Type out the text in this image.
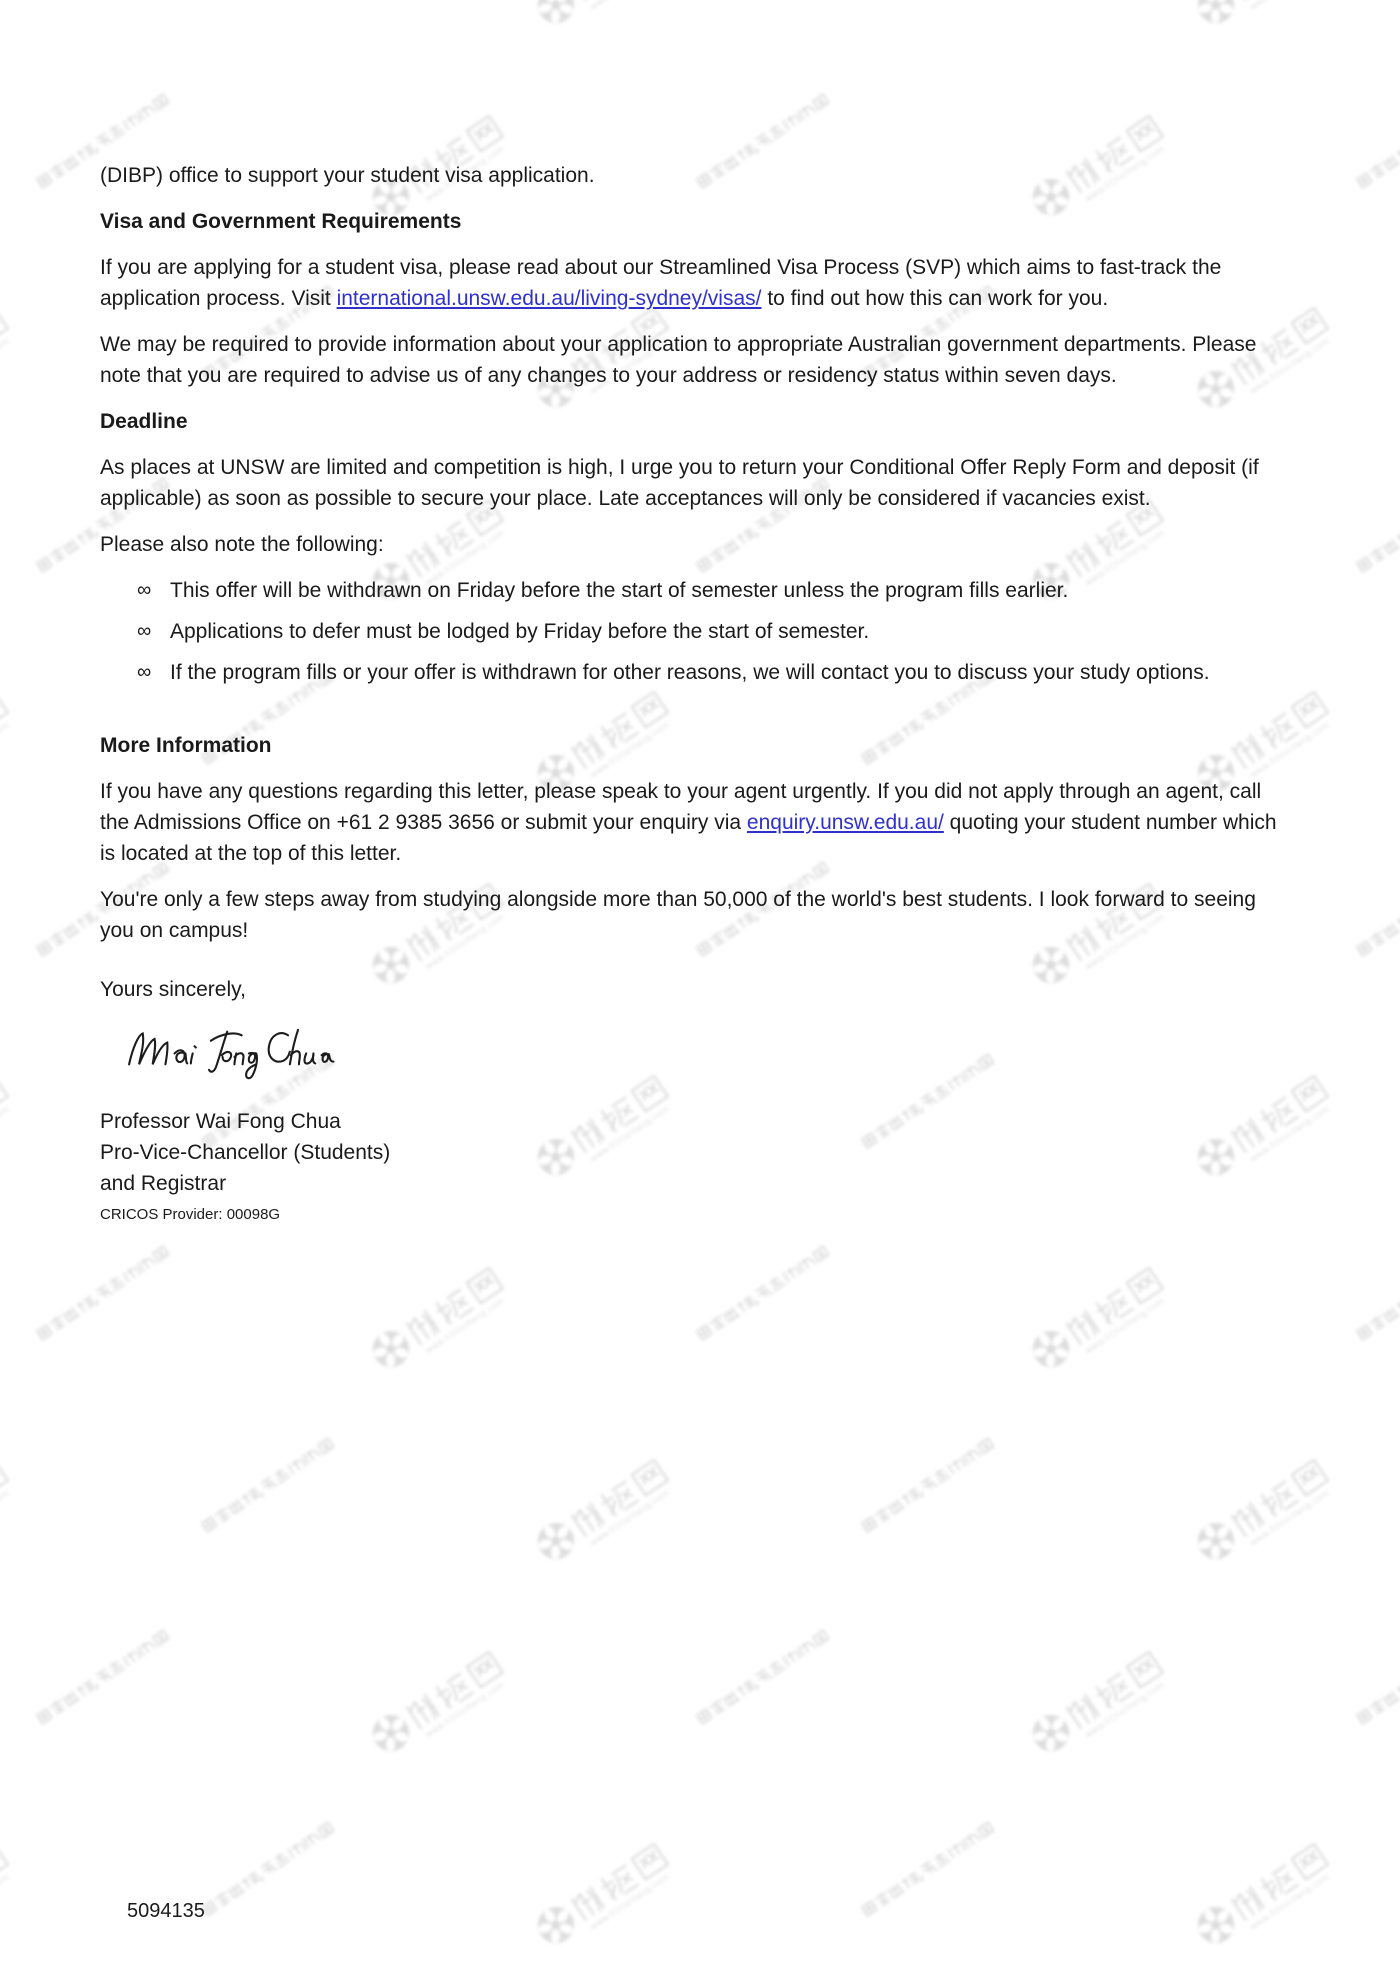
(DIBP) office to support your student visa application.

Visa and Government Requirements

If you are applying for a student visa, please read about our Streamlined Visa Process (SVP) which aims to fast-track the application process. Visit international.unsw.edu.au/living-sydney/visas/ to find out how this can work for you.

We may be required to provide information about your application to appropriate Australian government departments. Please note that you are required to advise us of any changes to your address or residency status within seven days.

Deadline

As places at UNSW are limited and competition is high, I urge you to return your Conditional Offer Reply Form and deposit (if applicable) as soon as possible to secure your place. Late acceptances will only be considered if vacancies exist.

Please also note the following:

∞ This offer will be withdrawn on Friday before the start of semester unless the program fills earlier.
∞ Applications to defer must be lodged by Friday before the start of semester.
∞ If the program fills or your offer is withdrawn for other reasons, we will contact you to discuss your study options.
More Information

If you have any questions regarding this letter, please speak to your agent urgently. If you did not apply through an agent, call the Admissions Office on +61 2 9385 3656 or submit your enquiry via enquiry.unsw.edu.au/ quoting your student number which is located at the top of this letter.

You're only a few steps away from studying alongside more than 50,000 of the world's best students. I look forward to seeing you on campus!

Yours sincerely,

Professor Wai Fong Chua

Pro-Vice-Chancellor (Students)

and Registrar

CRICOS Provider: 00098G

5094135
